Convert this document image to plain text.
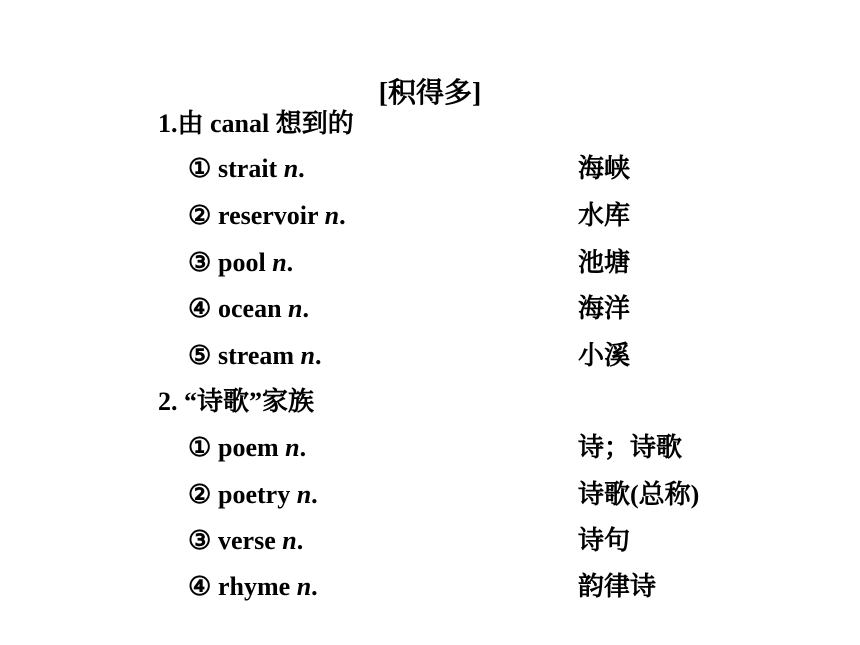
[积得多]
1.由 canal 想到的
① strait n.	海峡
② reservoir n.	水库
③ pool n.	池塘
④ ocean n.	海洋
⑤ stream n.	小溪
2. “诗歌”家族
① poem n.	诗；诗歌
② poetry n.	诗歌(总称)
③ verse n.	诗句
④ rhyme n.	韵律诗
